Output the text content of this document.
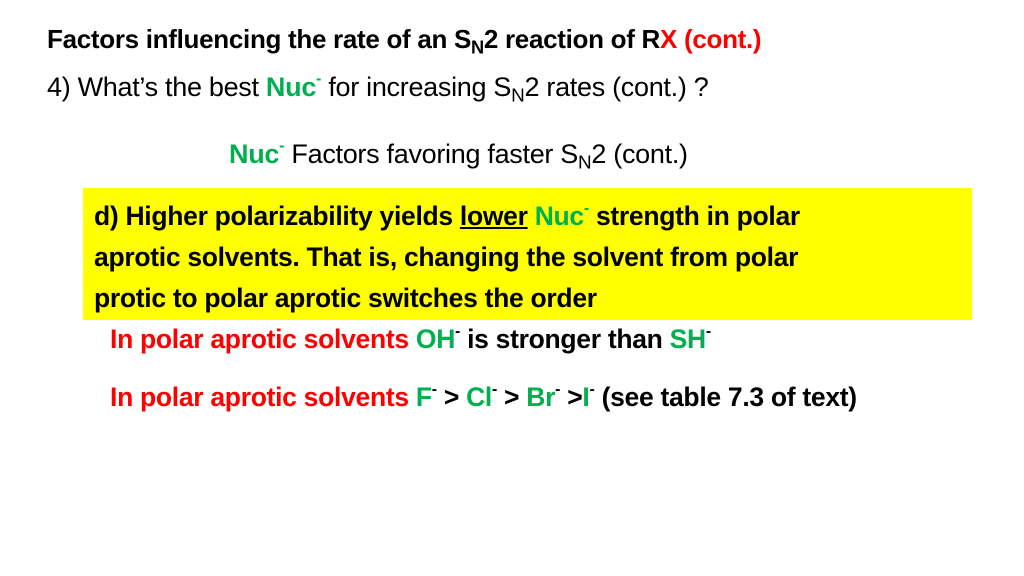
Factors influencing the rate of an $S_N2$ reaction of RX (cont.)
4) What’s the best Nuc- for increasing $S_N2$ rates (cont.) ?
Nuc- Factors favoring faster $S_N2$ (cont.)
d) Higher polarizability yields lower Nuc- strength in polar
aprotic solvents. That is, changing the solvent from polar
protic to polar aprotic switches the order
In polar aprotic solvents OH- is stronger than SH-
In polar aprotic solvents F- > Cl- > Br- >I- (see table 7.3 of text)
